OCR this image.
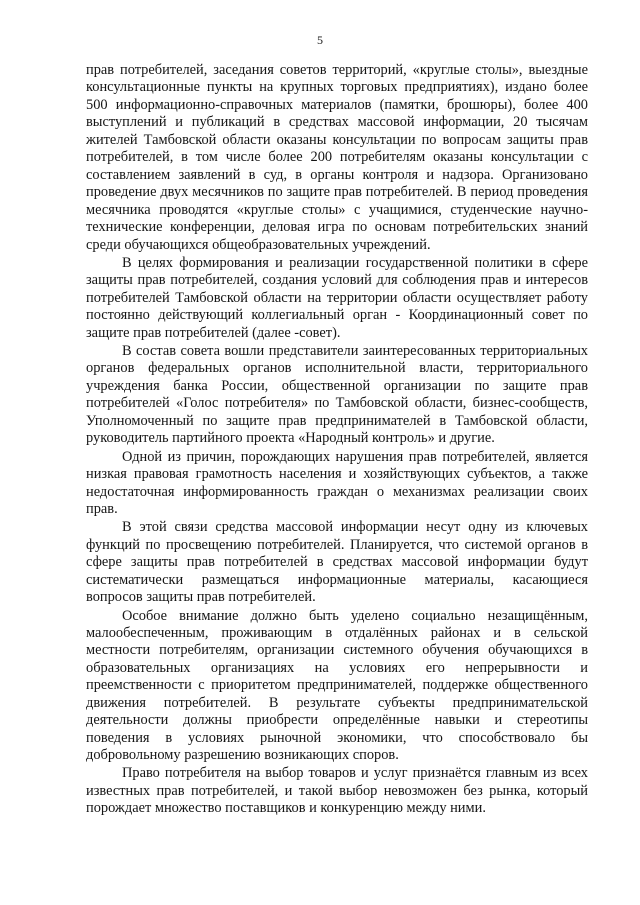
5

прав потребителей, заседания советов территорий, «круглые столы», выездные консультационные пункты на крупных торговых предприятиях), издано более 500 информационно-справочных материалов (памятки, брошюры), более 400 выступлений и публикаций в средствах массовой информации, 20 тысячам жителей Тамбовской области оказаны консультации по вопросам защиты прав потребителей, в том числе более 200 потребителям оказаны консультации с составлением заявлений в суд, в органы контроля и надзора. Организовано проведение двух месячников по защите прав потребителей. В период проведения месячника проводятся «круглые столы» с учащимися, студенческие научно-технические конференции, деловая игра по основам потребительских знаний среди обучающихся общеобразовательных учреждений.

В целях формирования и реализации государственной политики в сфере защиты прав потребителей, создания условий для соблюдения прав и интересов потребителей Тамбовской области на территории области осуществляет работу постоянно действующий коллегиальный орган - Координационный совет по защите прав потребителей (далее -совет).

В состав совета вошли представители заинтересованных территориальных органов федеральных органов исполнительной власти, территориального учреждения банка России, общественной организации по защите прав потребителей «Голос потребителя» по Тамбовской области, бизнес-сообществ, Уполномоченный по защите прав предпринимателей в Тамбовской области, руководитель партийного проекта «Народный контроль» и другие.

Одной из причин, порождающих нарушения прав потребителей, является низкая правовая грамотность населения и хозяйствующих субъектов, а также недостаточная информированность граждан о механизмах реализации своих прав.

В этой связи средства массовой информации несут одну из ключевых функций по просвещению потребителей. Планируется, что системой органов в сфере защиты прав потребителей в средствах массовой информации будут систематически размещаться информационные материалы, касающиеся вопросов защиты прав потребителей.

Особое внимание должно быть уделено социально незащищённым, малообеспеченным, проживающим в отдалённых районах и в сельской местности потребителям, организации системного обучения обучающихся в образовательных организациях на условиях его непрерывности и преемственности с приоритетом предпринимателей, поддержке общественного движения потребителей. В результате субъекты предпринимательской деятельности должны приобрести определённые навыки и стереотипы поведения в условиях рыночной экономики, что способствовало бы добровольному разрешению возникающих споров.

Право потребителя на выбор товаров и услуг признаётся главным из всех известных прав потребителей, и такой выбор невозможен без рынка, который порождает множество поставщиков и конкуренцию между ними.
